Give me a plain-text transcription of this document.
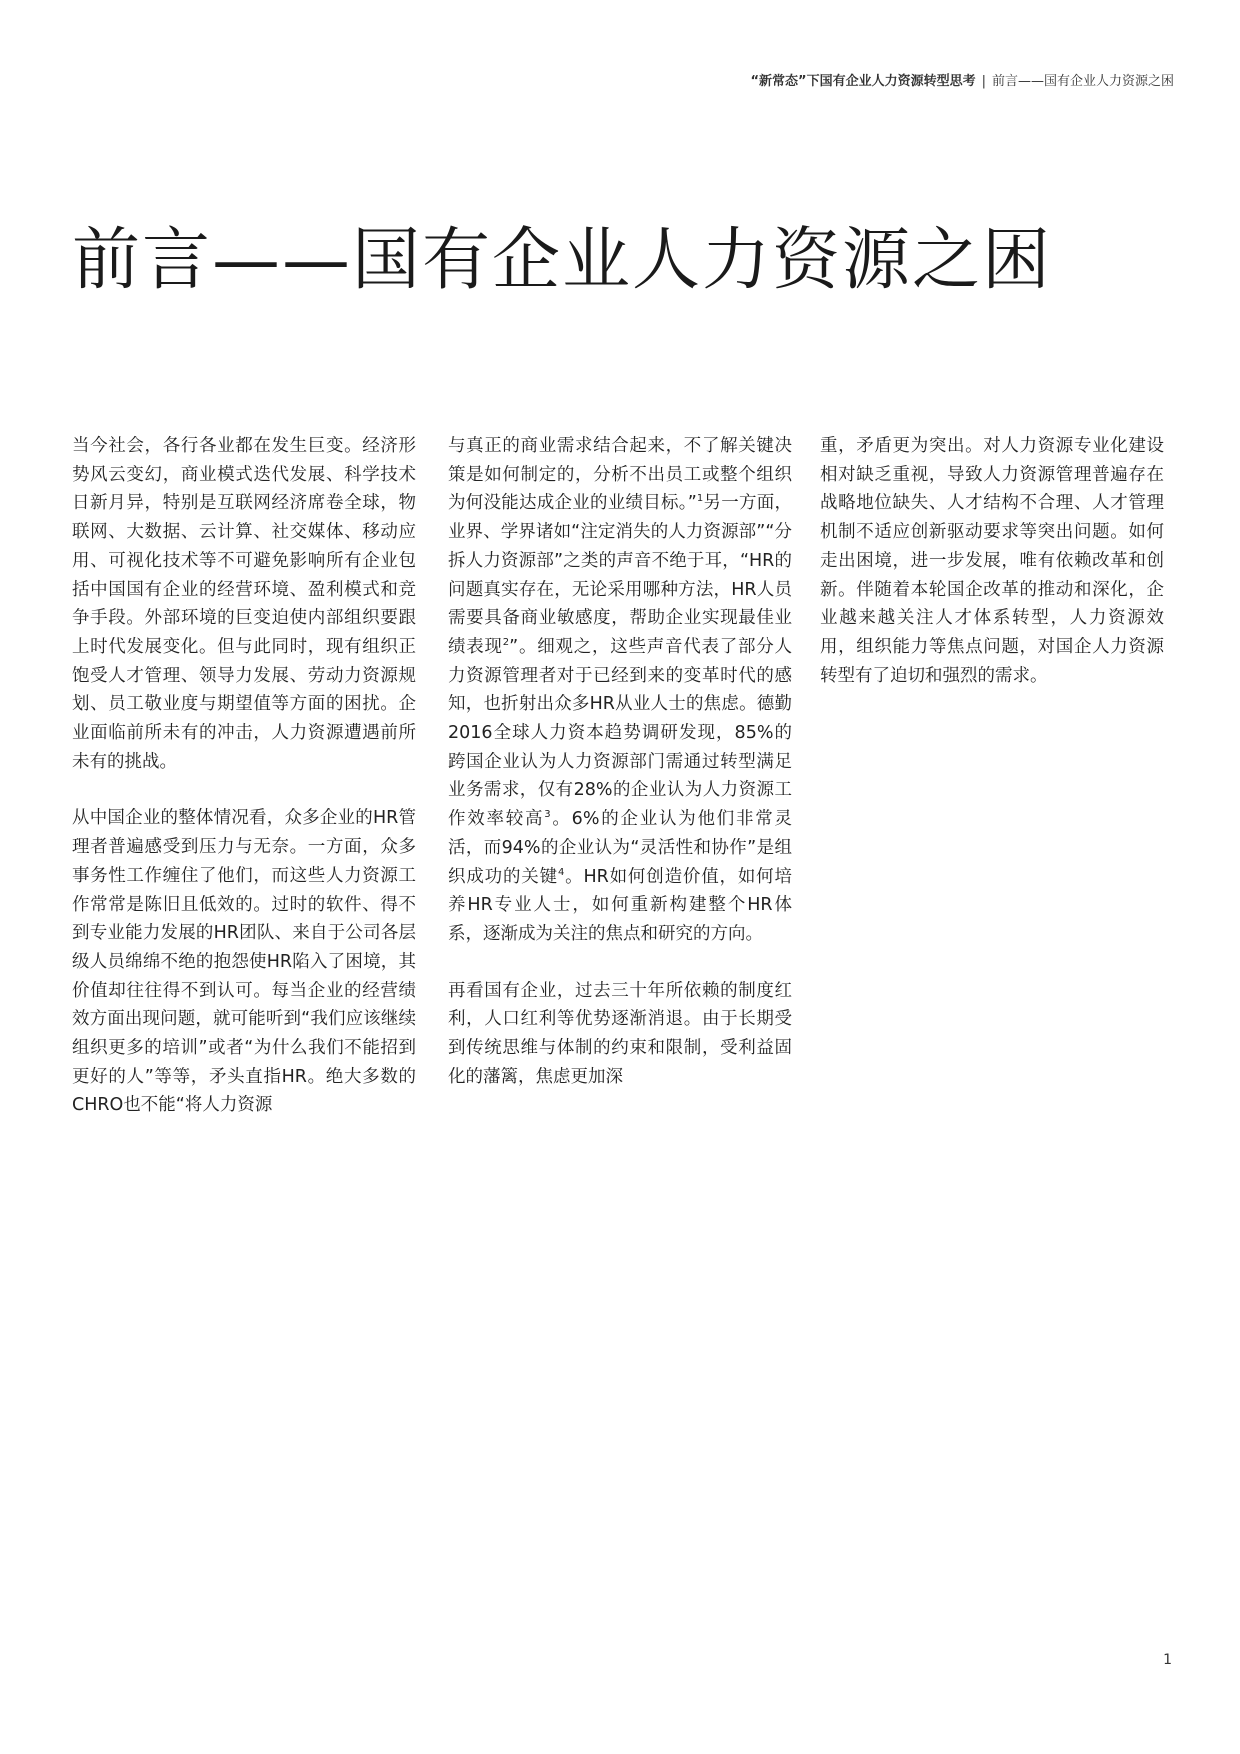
“新常态”下国有企业人力资源转型思考 | 前言——国有企业人力资源之困
前言——国有企业人力资源之困

当今社会，各行各业都在发生巨变。经济形势风云变幻，商业模式迭代发展、科学技术日新月异，特别是互联网经济席卷全球，物联网、大数据、云计算、社交媒体、移动应用、可视化技术等不可避免影响所有企业包括中国国有企业的经营环境、盈利模式和竞争手段。外部环境的巨变迫使内部组织要跟上时代发展变化。但与此同时，现有组织正饱受人才管理、领导力发展、劳动力资源规划、员工敬业度与期望值等方面的困扰。企业面临前所未有的冲击，人力资源遭遇前所未有的挑战。

从中国企业的整体情况看，众多企业的HR管理者普遍感受到压力与无奈。一方面，众多事务性工作缠住了他们，而这些人力资源工作常常是陈旧且低效的。过时的软件、得不到专业能力发展的HR团队、来自于公司各层级人员绵绵不绝的抱怨使HR陷入了困境，其价值却往往得不到认可。每当企业的经营绩效方面出现问题，就可能听到“我们应该继续组织更多的培训”或者“为什么我们不能招到更好的人”等等，矛头直指HR。绝大多数的CHRO也不能“将人力资源

与真正的商业需求结合起来，不了解关键决策是如何制定的，分析不出员工或整个组织为何没能达成企业的业绩目标。”$^1$另一方面，业界、学界诸如“注定消失的人力资源部”“分拆人力资源部”之类的声音不绝于耳，“HR的问题真实存在，无论采用哪种方法，HR人员需要具备商业敏感度，帮助企业实现最佳业绩表现$^2$”。细观之，这些声音代表了部分人力资源管理者对于已经到来的变革时代的感知，也折射出众多HR从业人士的焦虑。德勤2016全球人力资本趋势调研发现，85%的跨国企业认为人力资源部门需通过转型满足业务需求，仅有28%的企业认为人力资源工作效率较高$^3$。6%的企业认为他们非常灵活，而94%的企业认为“灵活性和协作”是组织成功的关键$^4$。HR如何创造价值，如何培养HR专业人士，如何重新构建整个HR体系，逐渐成为关注的焦点和研究的方向。

再看国有企业，过去三十年所依赖的制度红利，人口红利等优势逐渐消退。由于长期受到传统思维与体制的约束和限制，受利益固化的藩篱，焦虑更加深

重，矛盾更为突出。对人力资源专业化建设相对缺乏重视，导致人力资源管理普遍存在战略地位缺失、人才结构不合理、人才管理机制不适应创新驱动要求等突出问题。如何走出困境，进一步发展，唯有依赖改革和创新。伴随着本轮国企改革的推动和深化，企业越来越关注人才体系转型，人力资源效用，组织能力等焦点问题，对国企人力资源转型有了迫切和强烈的需求。

1
